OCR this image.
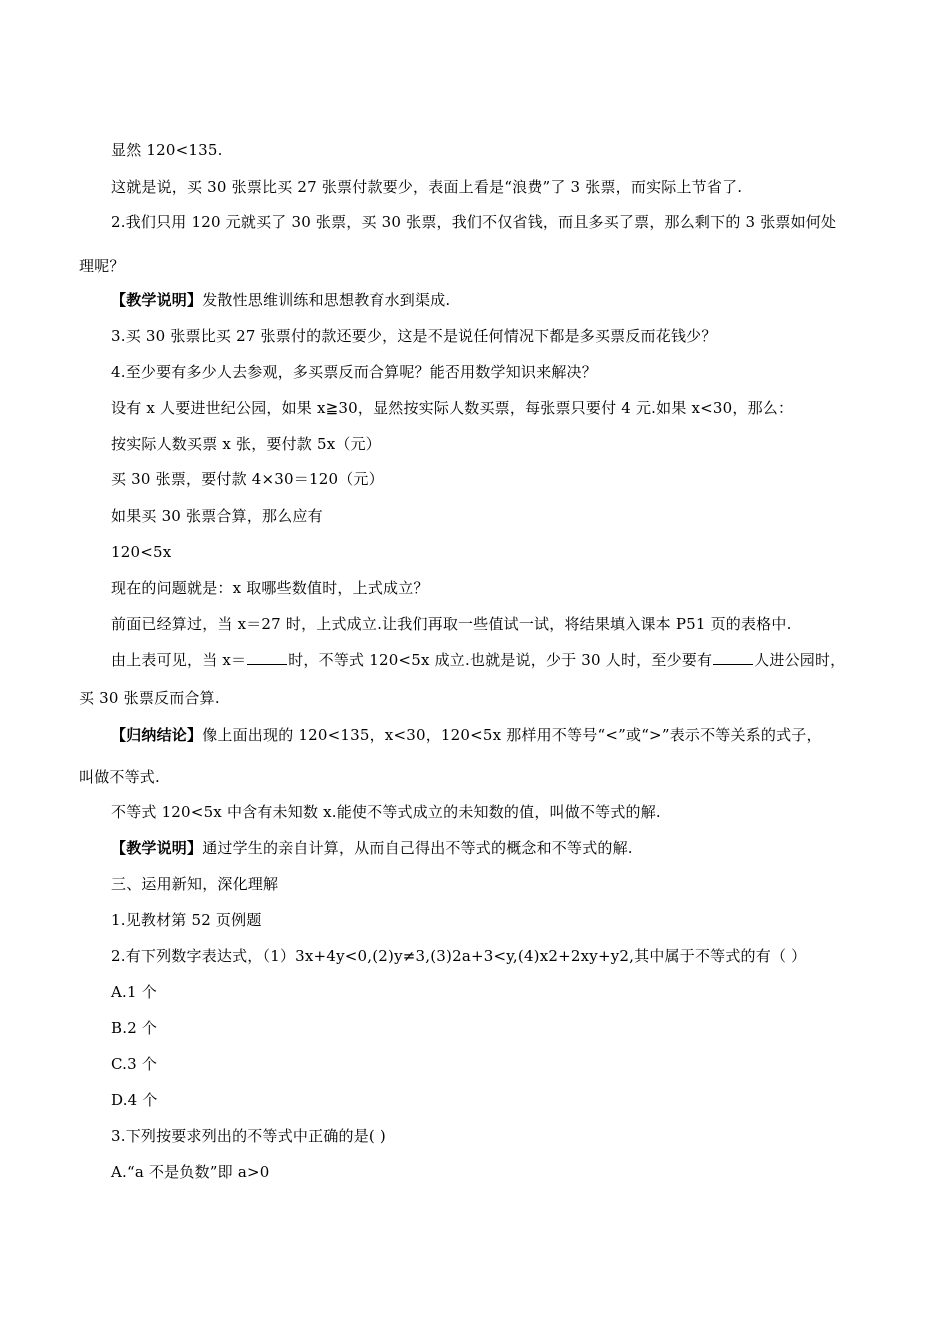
显然 120<135.
这就是说，买 30 张票比买 27 张票付款要少，表面上看是“浪费”了 3 张票，而实际上节省了.
2.我们只用 120 元就买了 30 张票，买 30 张票，我们不仅省钱，而且多买了票，那么剩下的 3 张票如何处
理呢？
【教学说明】发散性思维训练和思想教育水到渠成.
3.买 30 张票比买 27 张票付的款还要少，这是不是说任何情况下都是多买票反而花钱少？
4.至少要有多少人去参观，多买票反而合算呢？能否用数学知识来解决？
设有 x 人要进世纪公园，如果 x≧30，显然按实际人数买票，每张票只要付 4 元.如果 x<30，那么：
按实际人数买票 x 张，要付款 5x（元）
买 30 张票，要付款 4×30＝120（元）
如果买 30 张票合算，那么应有
120<5x
现在的问题就是：x 取哪些数值时，上式成立？
前面已经算过，当 x＝27 时，上式成立.让我们再取一些值试一试，将结果填入课本 P51 页的表格中.
由上表可见，当 x＝	时，不等式 120<5x 成立.也就是说，少于 30 人时，至少要有	人进公园时，
买 30 张票反而合算.
【归纳结论】像上面出现的 120<135，x<30，120<5x 那样用不等号“<”或“>”表示不等关系的式子，
叫做不等式.
不等式 120<5x 中含有未知数 x.能使不等式成立的未知数的值，叫做不等式的解.
【教学说明】通过学生的亲自计算，从而自己得出不等式的概念和不等式的解.
三、运用新知，深化理解
1.见教材第 52 页例题
2.有下列数字表达式，（1）3x+4y<0,(2)y≠3,(3)2a+3<y,(4)x2+2xy+y2,其中属于不等式的有（ ）
A.1 个
B.2 个
C.3 个
D.4 个
3.下列按要求列出的不等式中正确的是( )
A.“a 不是负数”即 a>0
